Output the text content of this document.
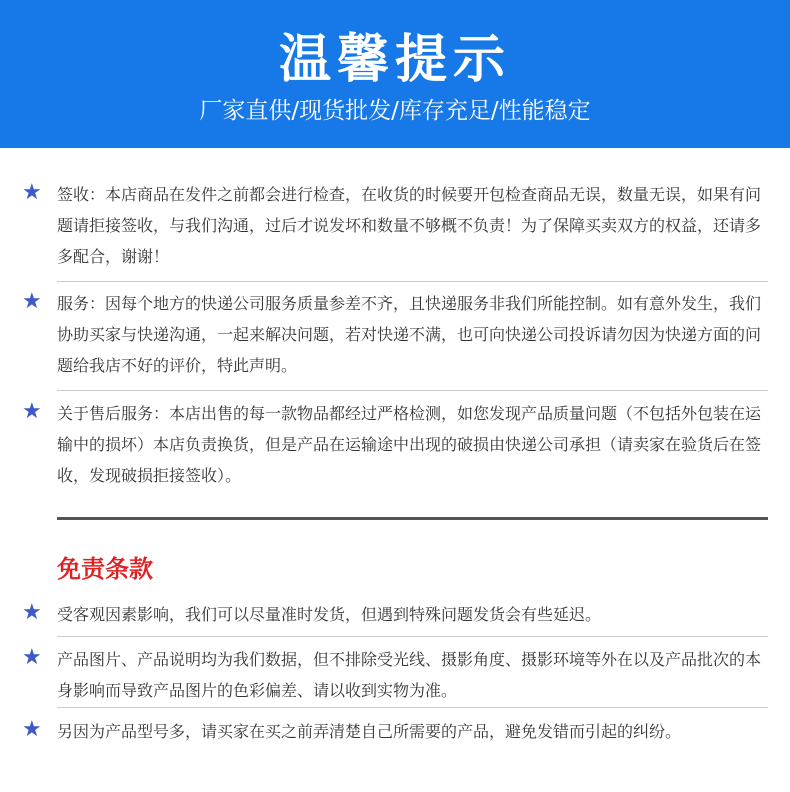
温馨提示
厂家直供/现货批发/库存充足/性能稳定
★ 签收：本店商品在发件之前都会进行检查，在收货的时候要开包检查商品无误，数量无误，如果有问题请拒接签收，与我们沟通，过后才说发坏和数量不够概不负责！为了保障买卖双方的权益，还请多多配合，谢谢！
★ 服务：因每个地方的快递公司服务质量参差不齐，且快递服务非我们所能控制。如有意外发生，我们协助买家与快递沟通，一起来解决问题，若对快递不满，也可向快递公司投诉请勿因为快递方面的问题给我店不好的评价，特此声明。
★ 关于售后服务：本店出售的每一款物品都经过严格检测，如您发现产品质量问题（不包括外包装在运输中的损坏）本店负责换货，但是产品在运输途中出现的破损由快递公司承担（请卖家在验货后在签收，发现破损拒接签收）。
免责条款
★ 受客观因素影响，我们可以尽量准时发货，但遇到特殊问题发货会有些延迟。
★ 产品图片、产品说明均为我们数据，但不排除受光线、摄影角度、摄影环境等外在以及产品批次的本身影响而导致产品图片的色彩偏差、请以收到实物为准。
★ 另因为产品型号多，请买家在买之前弄清楚自己所需要的产品，避免发错而引起的纠纷。
